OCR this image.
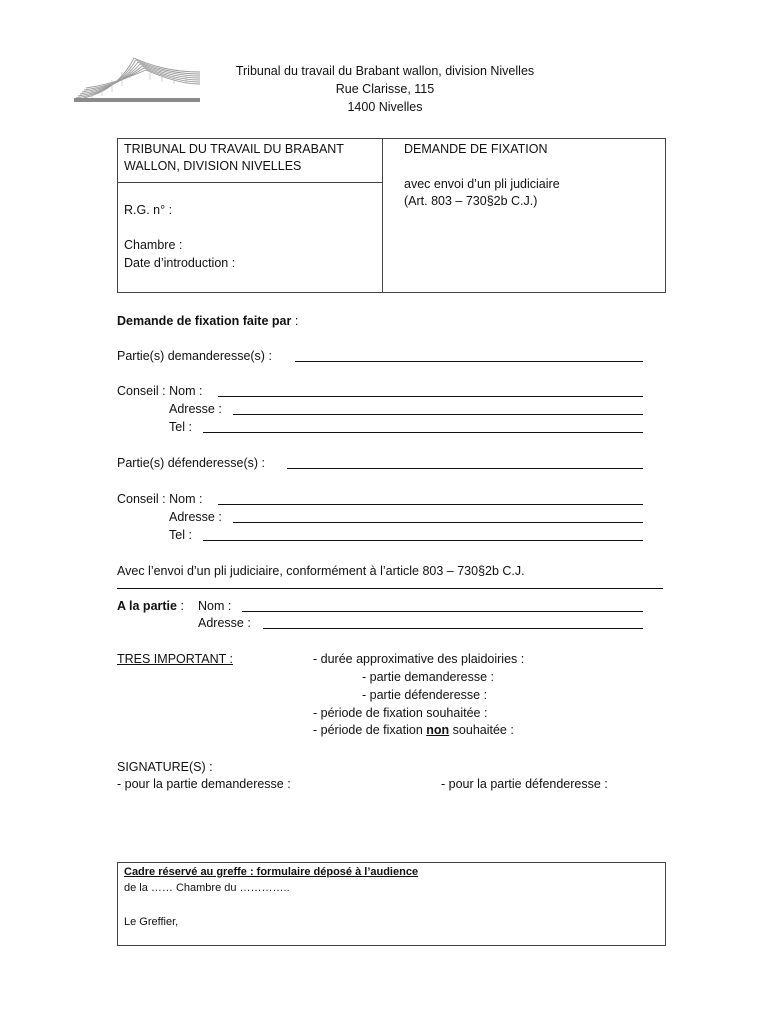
Tribunal du travail du Brabant wallon, division Nivelles
Rue Clarisse, 115
1400 Nivelles
TRIBUNAL DU TRAVAIL DU BRABANT
WALLON, DIVISION NIVELLES
R.G. n° :
Chambre :
Date d’introduction :
DEMANDE DE FIXATION
avec envoi d’un pli judiciaire
(Art. 803 – 730§2b C.J.)
Demande de fixation faite par :
Partie(s) demanderesse(s) :
Conseil : Nom :
Adresse :
Tel :
Partie(s) défenderesse(s) :
Conseil : Nom :
Adresse :
Tel :
Avec l’envoi d’un pli judiciaire, conformément à l’article 803 – 730§2b C.J.
A la partie : Nom :
Adresse :
TRES IMPORTANT :	- durée approximative des plaidoiries :
- partie demanderesse :
- partie défenderesse :
- période de fixation souhaitée :
- période de fixation non souhaitée :
SIGNATURE(S) :
- pour la partie demanderesse :	- pour la partie défenderesse :
Cadre réservé au greffe : formulaire déposé à l’audience
de la …… Chambre du …………..
Le Greffier,
